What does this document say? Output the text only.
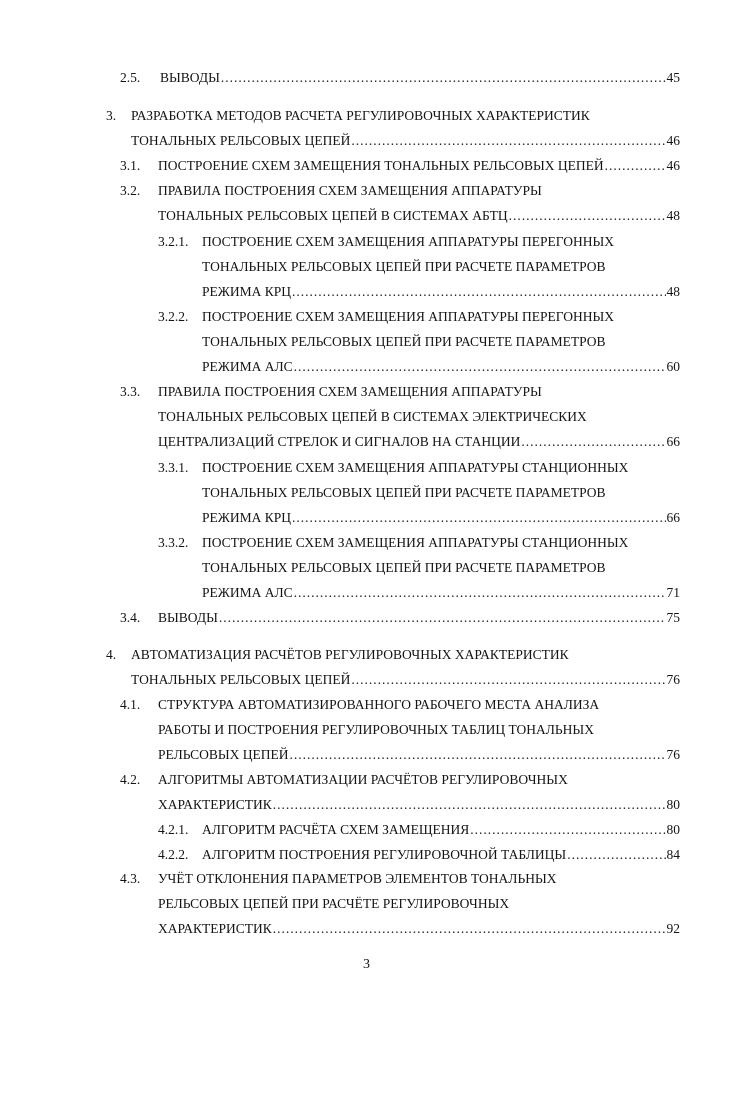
2.5.	ВЫВОДЫ .....	45
3.	РАЗРАБОТКА МЕТОДОВ РАСЧЕТА РЕГУЛИРОВОЧНЫХ ХАРАКТЕРИСТИК
ТОНАЛЬНЫХ РЕЛЬСОВЫХ ЦЕПЕЙ .....	46
3.1.	ПОСТРОЕНИЕ СХЕМ ЗАМЕЩЕНИЯ ТОНАЛЬНЫХ РЕЛЬСОВЫХ ЦЕПЕЙ .....	46
3.2.	ПРАВИЛА ПОСТРОЕНИЯ СХЕМ ЗАМЕЩЕНИЯ АППАРАТУРЫ
ТОНАЛЬНЫХ РЕЛЬСОВЫХ ЦЕПЕЙ В СИСТЕМАХ АБТЦ .....	48
3.2.1.	ПОСТРОЕНИЕ СХЕМ ЗАМЕЩЕНИЯ АППАРАТУРЫ ПЕРЕГОННЫХ
ТОНАЛЬНЫХ РЕЛЬСОВЫХ ЦЕПЕЙ ПРИ РАСЧЕТЕ ПАРАМЕТРОВ
РЕЖИМА КРЦ .....	48
3.2.2.	ПОСТРОЕНИЕ СХЕМ ЗАМЕЩЕНИЯ АППАРАТУРЫ ПЕРЕГОННЫХ
ТОНАЛЬНЫХ РЕЛЬСОВЫХ ЦЕПЕЙ ПРИ РАСЧЕТЕ ПАРАМЕТРОВ
РЕЖИМА АЛС .....	60
3.3.	ПРАВИЛА ПОСТРОЕНИЯ СХЕМ ЗАМЕЩЕНИЯ АППАРАТУРЫ
ТОНАЛЬНЫХ РЕЛЬСОВЫХ ЦЕПЕЙ В СИСТЕМАХ ЭЛЕКТРИЧЕСКИХ
ЦЕНТРАЛИЗАЦИЙ СТРЕЛОК И СИГНАЛОВ НА СТАНЦИИ .....	66
3.3.1.	ПОСТРОЕНИЕ СХЕМ ЗАМЕЩЕНИЯ АППАРАТУРЫ СТАНЦИОННЫХ
ТОНАЛЬНЫХ РЕЛЬСОВЫХ ЦЕПЕЙ ПРИ РАСЧЕТЕ ПАРАМЕТРОВ
РЕЖИМА КРЦ .....	66
3.3.2.	ПОСТРОЕНИЕ СХЕМ ЗАМЕЩЕНИЯ АППАРАТУРЫ СТАНЦИОННЫХ
ТОНАЛЬНЫХ РЕЛЬСОВЫХ ЦЕПЕЙ ПРИ РАСЧЕТЕ ПАРАМЕТРОВ
РЕЖИМА АЛС .....	71
3.4.	ВЫВОДЫ .....	75
4.	АВТОМАТИЗАЦИЯ РАСЧЁТОВ РЕГУЛИРОВОЧНЫХ ХАРАКТЕРИСТИК
ТОНАЛЬНЫХ РЕЛЬСОВЫХ ЦЕПЕЙ .....	76
4.1.	СТРУКТУРА АВТОМАТИЗИРОВАННОГО РАБОЧЕГО МЕСТА АНАЛИЗА
РАБОТЫ И ПОСТРОЕНИЯ РЕГУЛИРОВОЧНЫХ ТАБЛИЦ ТОНАЛЬНЫХ
РЕЛЬСОВЫХ ЦЕПЕЙ .....	76
4.2.	АЛГОРИТМЫ АВТОМАТИЗАЦИИ РАСЧЁТОВ РЕГУЛИРОВОЧНЫХ
ХАРАКТЕРИСТИК .....	80
4.2.1.	АЛГОРИТМ РАСЧЁТА СХЕМ ЗАМЕЩЕНИЯ .....	80
4.2.2.	АЛГОРИТМ ПОСТРОЕНИЯ РЕГУЛИРОВОЧНОЙ ТАБЛИЦЫ .....	84
4.3.	УЧЁТ ОТКЛОНЕНИЯ ПАРАМЕТРОВ ЭЛЕМЕНТОВ ТОНАЛЬНЫХ
РЕЛЬСОВЫХ ЦЕПЕЙ ПРИ РАСЧЁТЕ РЕГУЛИРОВОЧНЫХ
ХАРАКТЕРИСТИК .....	92
3
